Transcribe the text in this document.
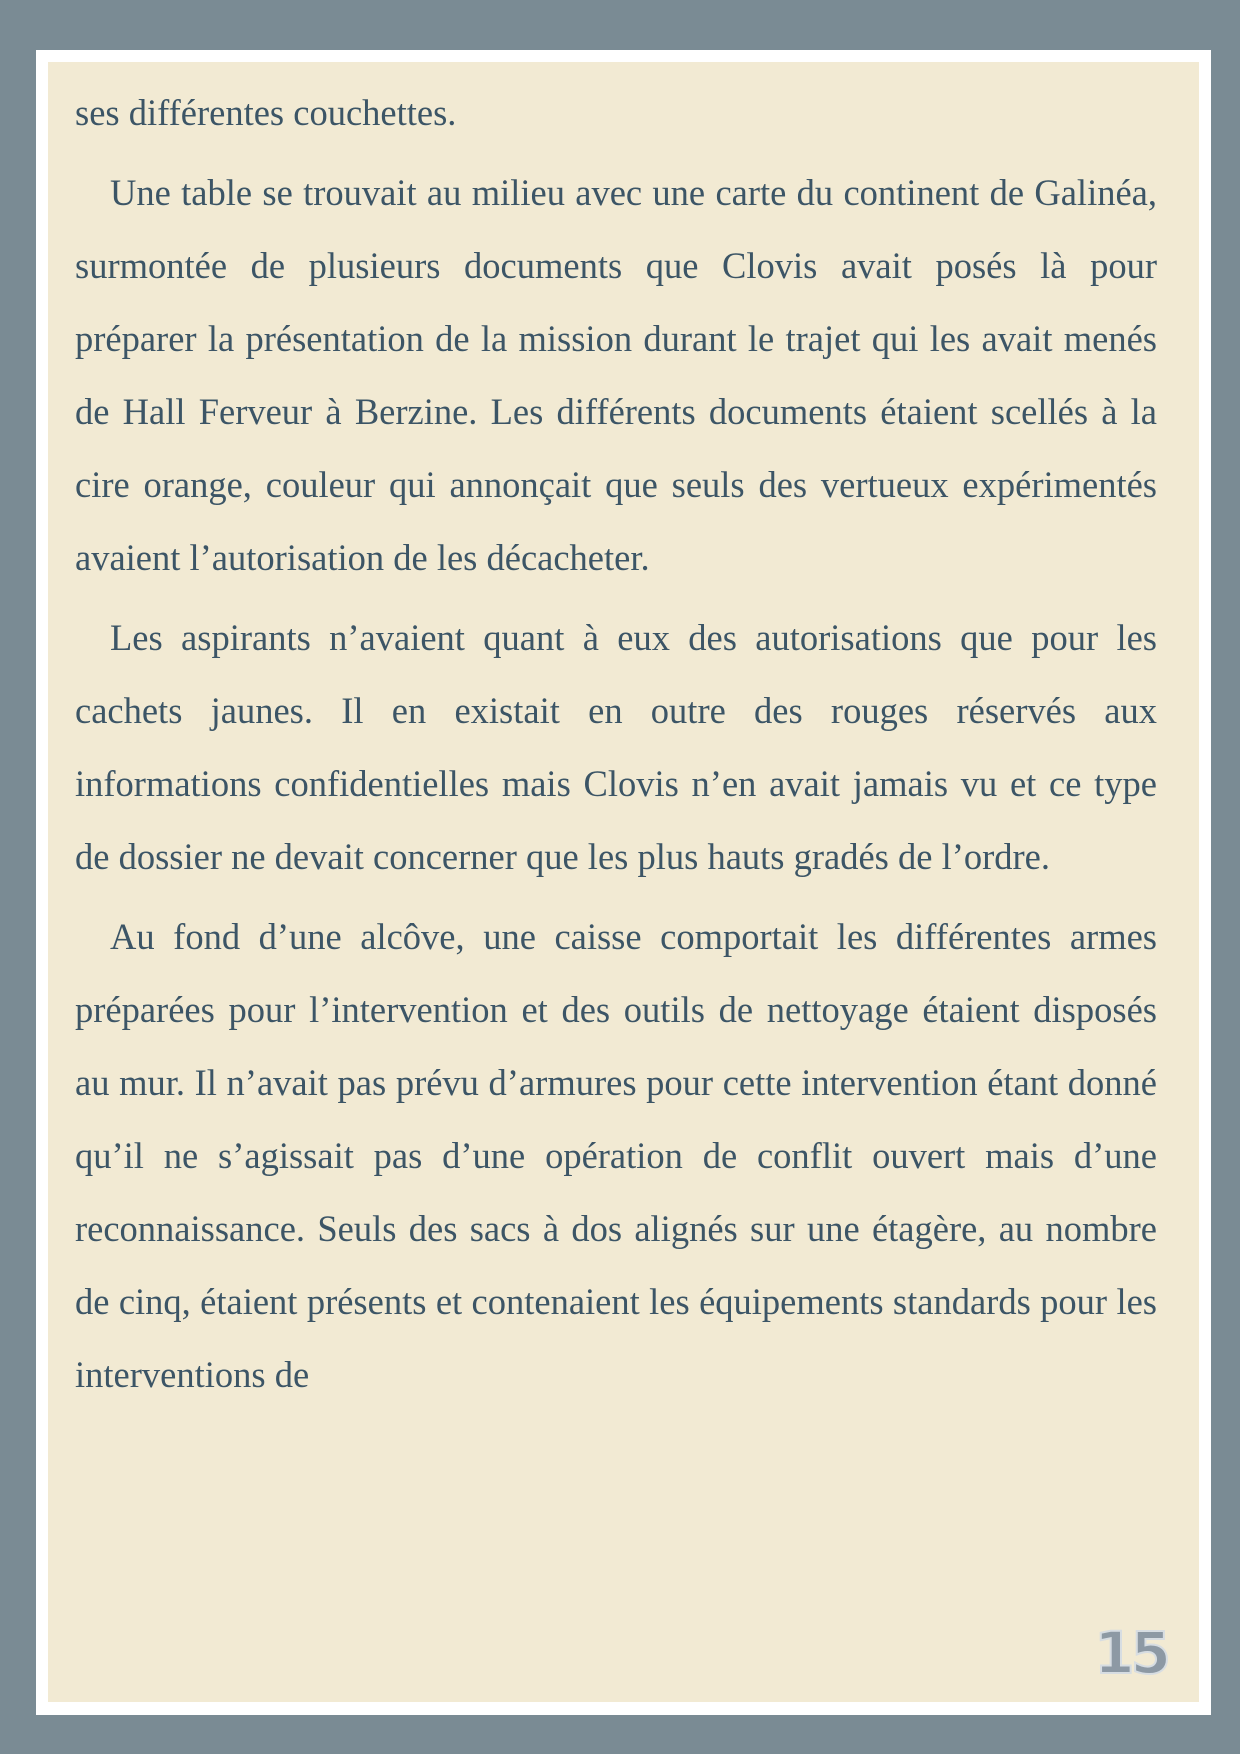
ses différentes couchettes.

Une table se trouvait au milieu avec une carte du continent de Galinéa, surmontée de plusieurs documents que Clovis avait posés là pour préparer la présentation de la mission durant le trajet qui les avait menés de Hall Ferveur à Berzine. Les différents documents étaient scellés à la cire orange, couleur qui annonçait que seuls des vertueux expérimentés avaient l’autorisation de les décacheter.

Les aspirants n’avaient quant à eux des autorisations que pour les cachets jaunes. Il en existait en outre des rouges réservés aux informations confidentielles mais Clovis n’en avait jamais vu et ce type de dossier ne devait concerner que les plus hauts gradés de l’ordre.

Au fond d’une alcôve, une caisse comportait les différentes armes préparées pour l’intervention et des outils de nettoyage étaient disposés au mur. Il n’avait pas prévu d’armures pour cette intervention étant donné qu’il ne s’agissait pas d’une opération de conflit ouvert mais d’une reconnaissance. Seuls des sacs à dos alignés sur une étagère, au nombre de cinq, étaient présents et contenaient les équipements standards pour les interventions de

15
